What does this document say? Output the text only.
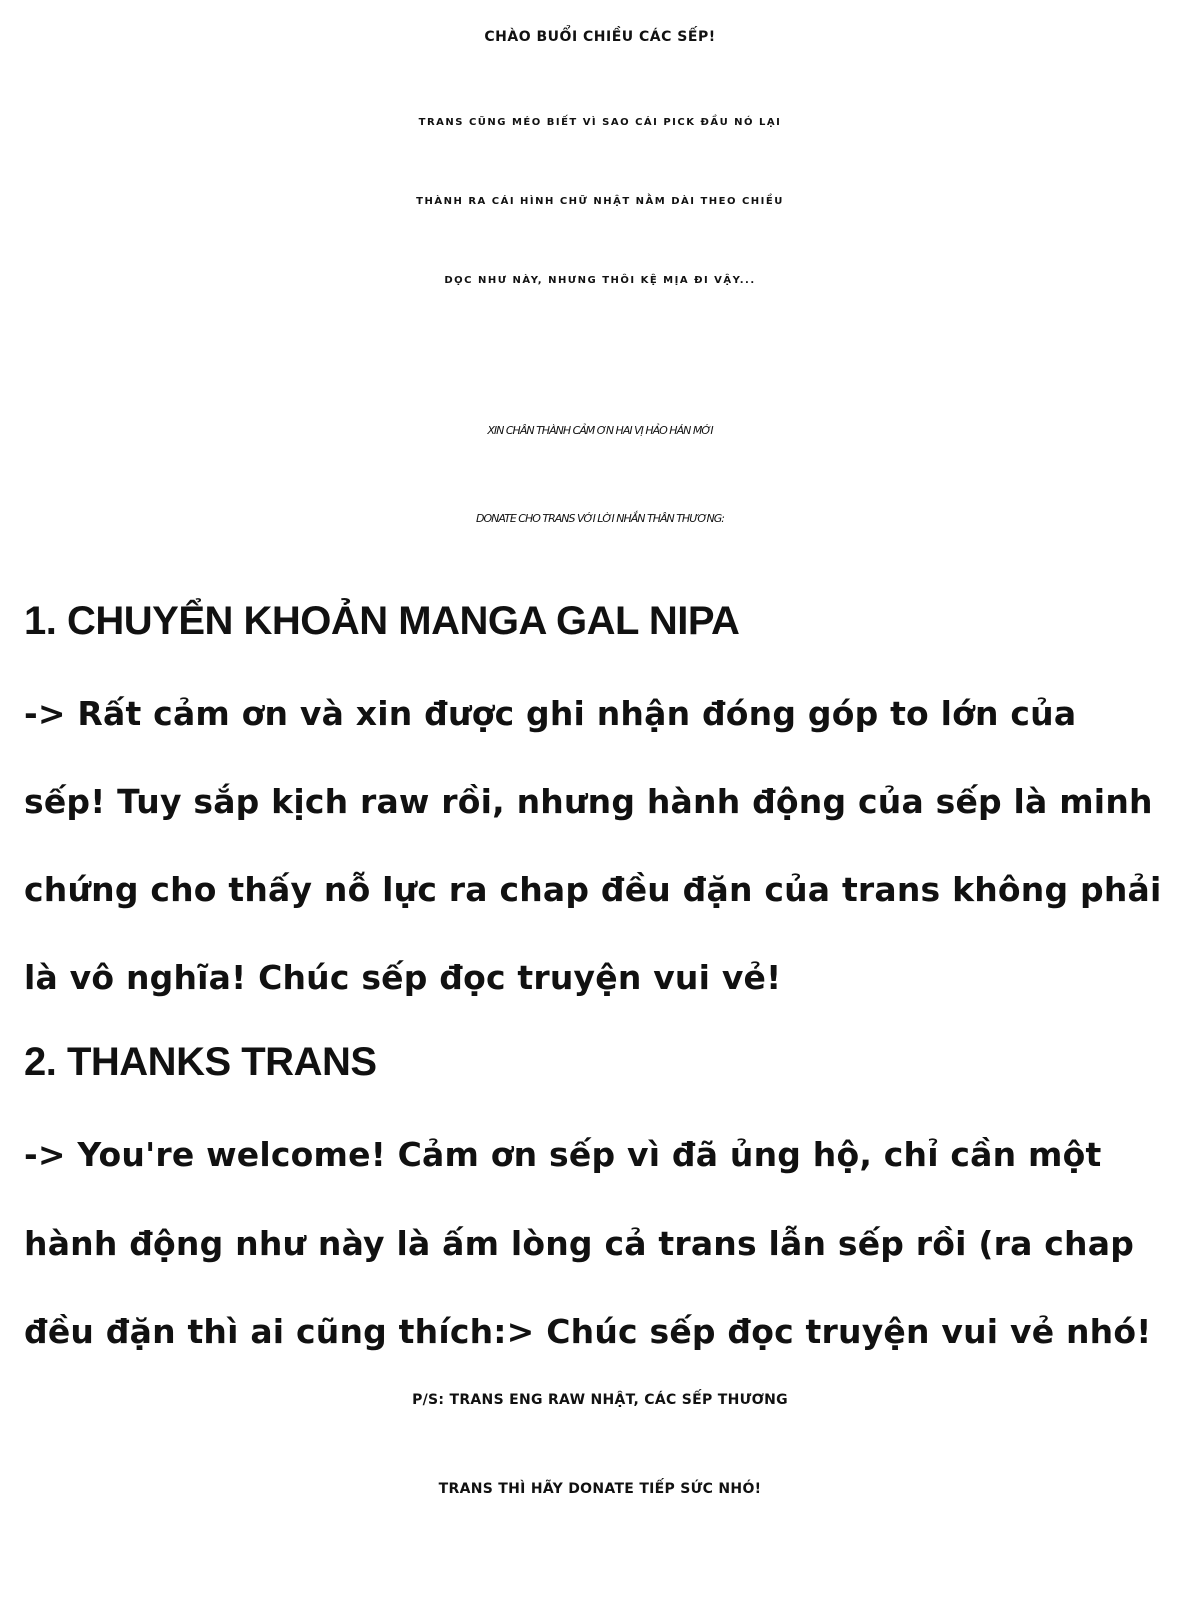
CHÀO BUỔI CHIỀU CÁC SẾP!
TRANS CŨNG MÉO BIẾT VÌ SAO CÁI PICK ĐẦU NÓ LẠI
THÀNH RA CÁI HÌNH CHỮ NHẬT NẰM DÀI THEO CHIỀU
DỌC NHƯ NÀY, NHƯNG THÔI KỆ MỊA ĐI VẬY...
XIN CHÂN THÀNH CẢM ƠN HAI VỊ HẢO HÁN MỚI
DONATE CHO TRANS VỚI LỜI NHẮN THÂN THƯƠNG:
1. CHUYỂN KHOẢN MANGA GAL NIPA
-> Rất cảm ơn và xin được ghi nhận đóng góp to lớn của
sếp! Tuy sắp kịch raw rồi, nhưng hành động của sếp là minh
chứng cho thấy nỗ lực ra chap đều đặn của trans không phải
là vô nghĩa! Chúc sếp đọc truyện vui vẻ!
2. THANKS TRANS
-> You're welcome! Cảm ơn sếp vì đã ủng hộ, chỉ cần một
hành động như này là ấm lòng cả trans lẫn sếp rồi (ra chap
đều đặn thì ai cũng thích:> Chúc sếp đọc truyện vui vẻ nhó!
P/S: TRANS ENG RAW NHẬT, CÁC SẾP THƯƠNG
TRANS THÌ HÃY DONATE TIẾP SỨC NHÓ!
